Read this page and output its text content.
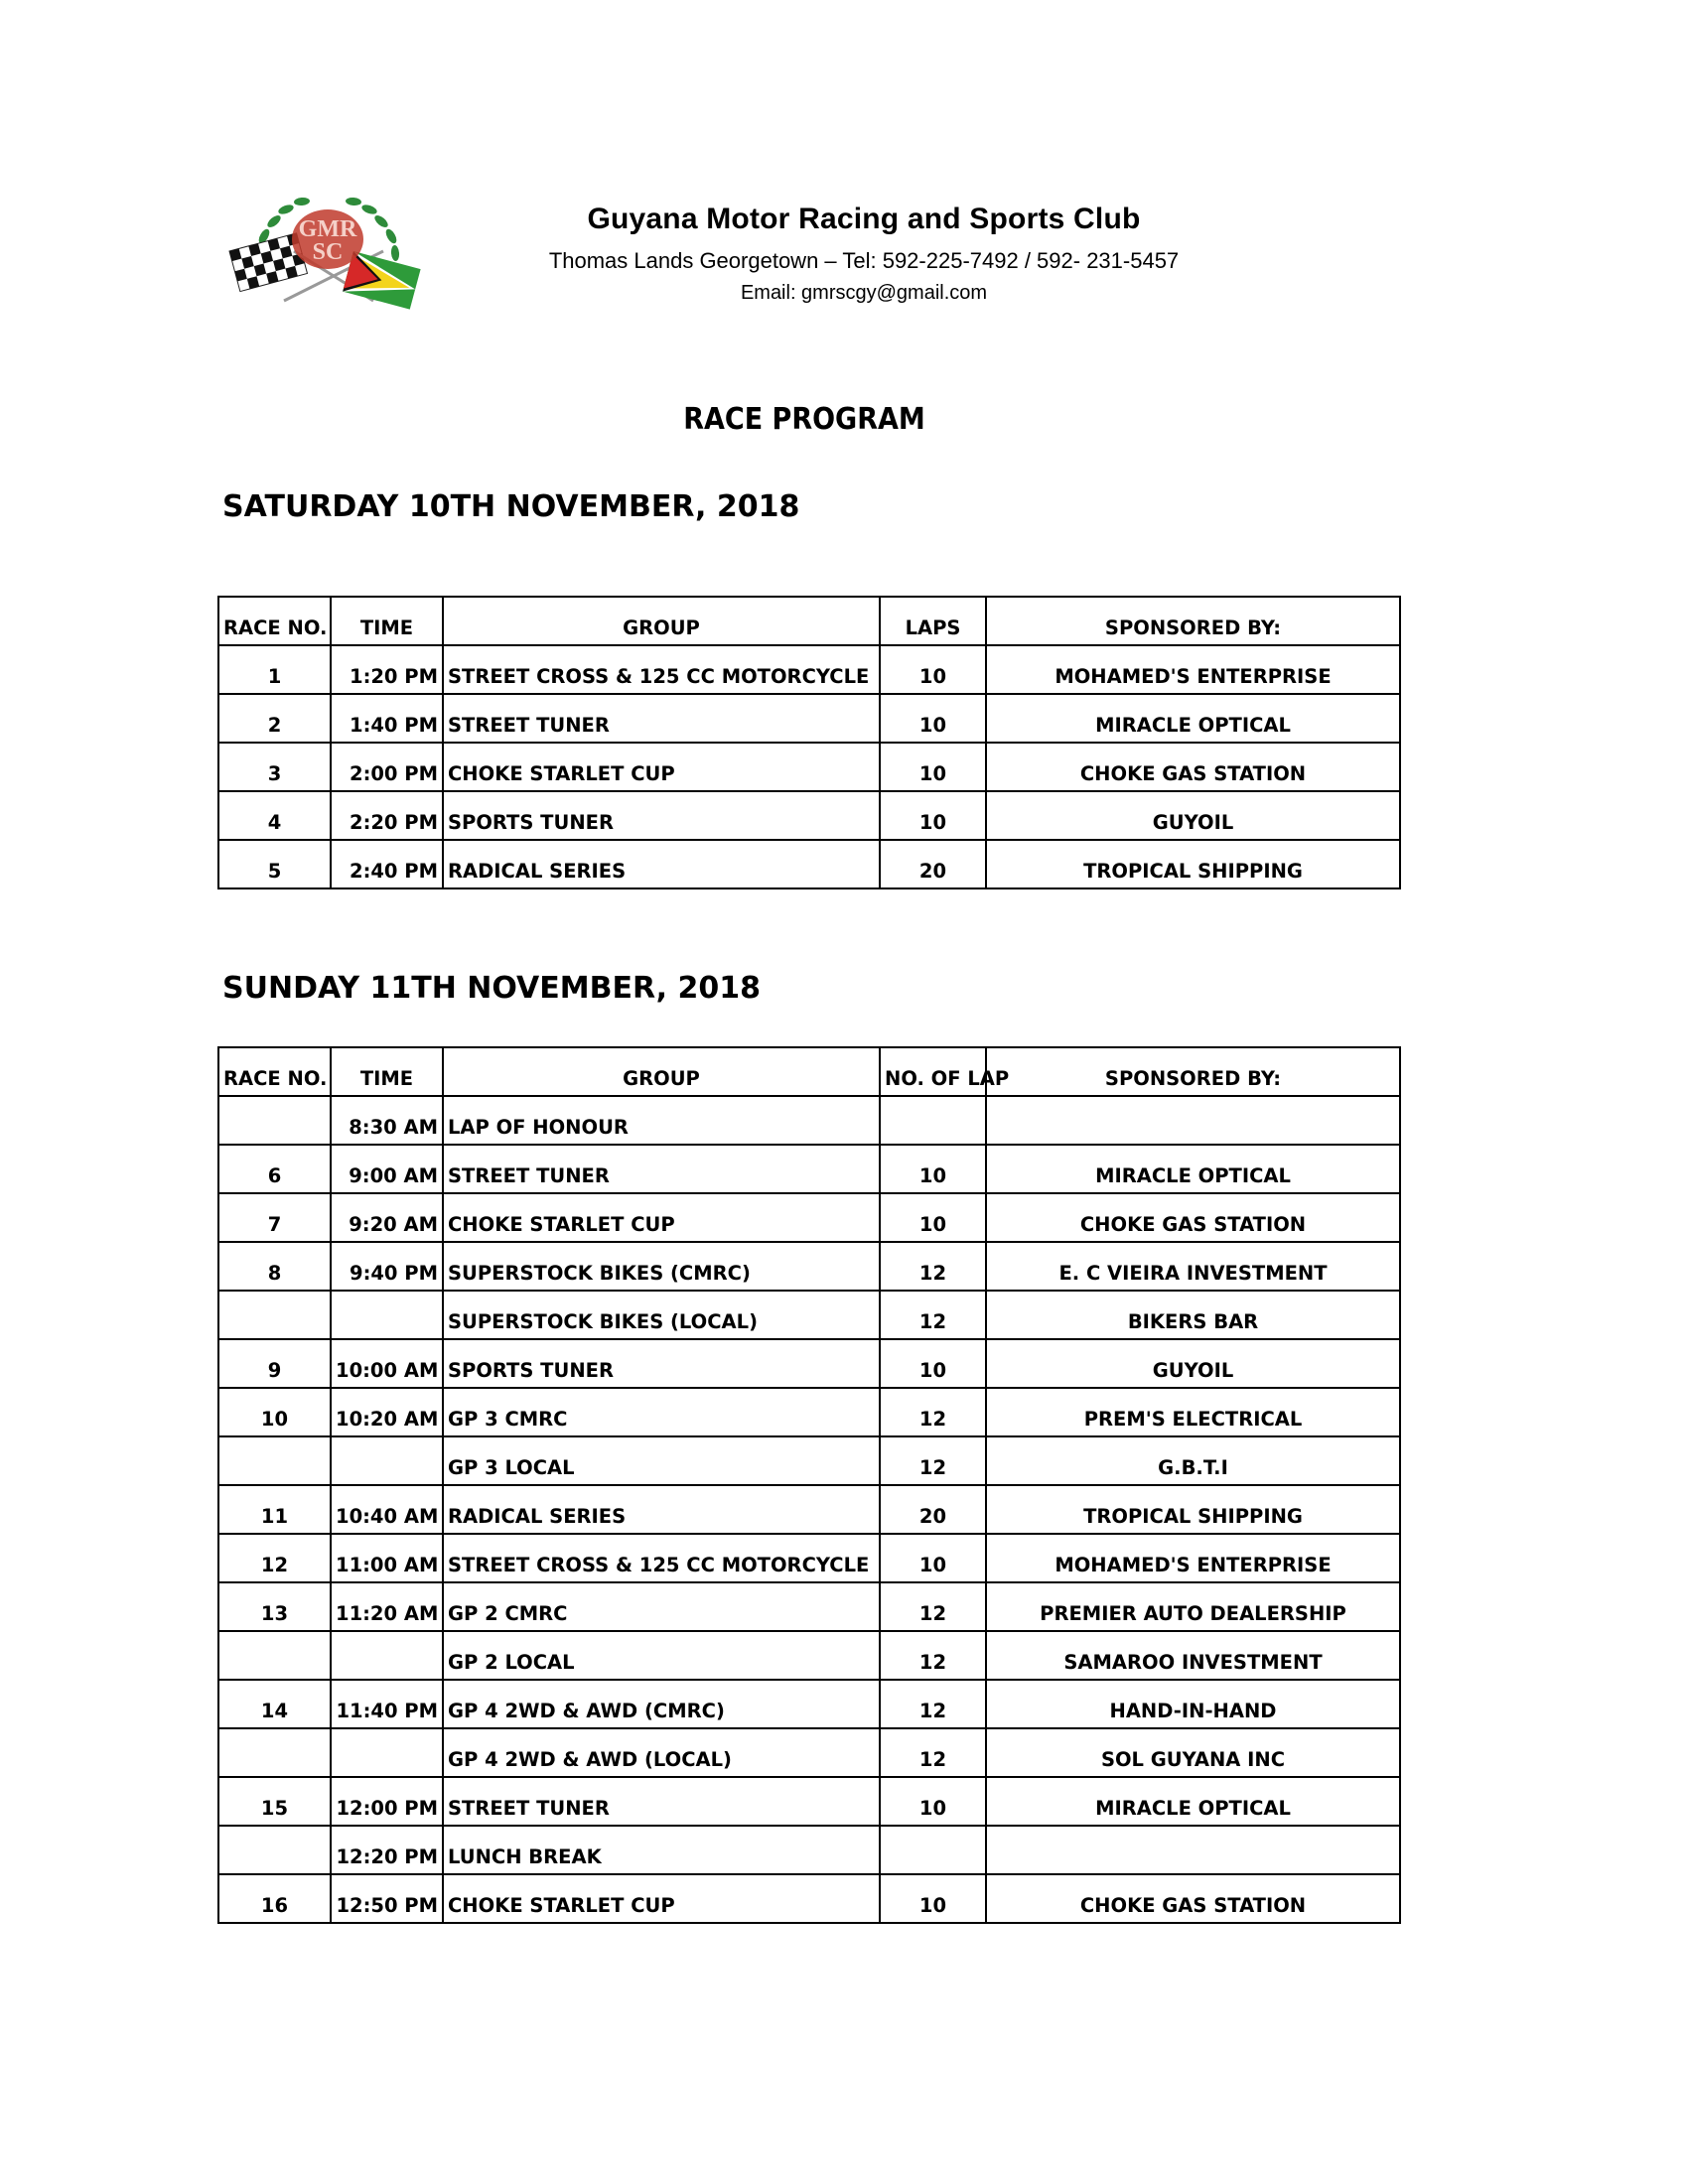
GMR
SC
Guyana Motor Racing and Sports Club
Thomas Lands Georgetown – Tel: 592-225-7492 / 592- 231-5457
Email: gmrscgy@gmail.com
RACE PROGRAM
SATURDAY 10TH NOVEMBER, 2018
RACE NO.	TIME	GROUP	LAPS	SPONSORED BY:
1	1:20 PM	STREET CROSS & 125 CC MOTORCYCLE	10	MOHAMED'S ENTERPRISE
2	1:40 PM	STREET TUNER	10	MIRACLE OPTICAL
3	2:00 PM	CHOKE STARLET CUP	10	CHOKE GAS STATION
4	2:20 PM	SPORTS TUNER	10	GUYOIL
5	2:40 PM	RADICAL SERIES	20	TROPICAL SHIPPING
SUNDAY 11TH NOVEMBER, 2018
RACE NO.	TIME	GROUP	NO. OF LAP	SPONSORED BY:
	8:30 AM	LAP OF HONOUR		
6	9:00 AM	STREET TUNER	10	MIRACLE OPTICAL
7	9:20 AM	CHOKE STARLET CUP	10	CHOKE GAS STATION
8	9:40 PM	SUPERSTOCK BIKES (CMRC)	12	E. C VIEIRA INVESTMENT
		SUPERSTOCK BIKES (LOCAL)	12	BIKERS BAR
9	10:00 AM	SPORTS TUNER	10	GUYOIL
10	10:20 AM	GP 3 CMRC	12	PREM'S ELECTRICAL
		GP 3 LOCAL	12	G.B.T.I
11	10:40 AM	RADICAL SERIES	20	TROPICAL SHIPPING
12	11:00 AM	STREET CROSS & 125 CC MOTORCYCLE	10	MOHAMED'S ENTERPRISE
13	11:20 AM	GP 2 CMRC	12	PREMIER AUTO DEALERSHIP
		GP 2 LOCAL	12	SAMAROO INVESTMENT
14	11:40 PM	GP 4 2WD & AWD (CMRC)	12	HAND-IN-HAND
		GP 4 2WD & AWD (LOCAL)	12	SOL GUYANA INC
15	12:00 PM	STREET TUNER	10	MIRACLE OPTICAL
	12:20 PM	LUNCH BREAK		
16	12:50 PM	CHOKE STARLET CUP	10	CHOKE GAS STATION
